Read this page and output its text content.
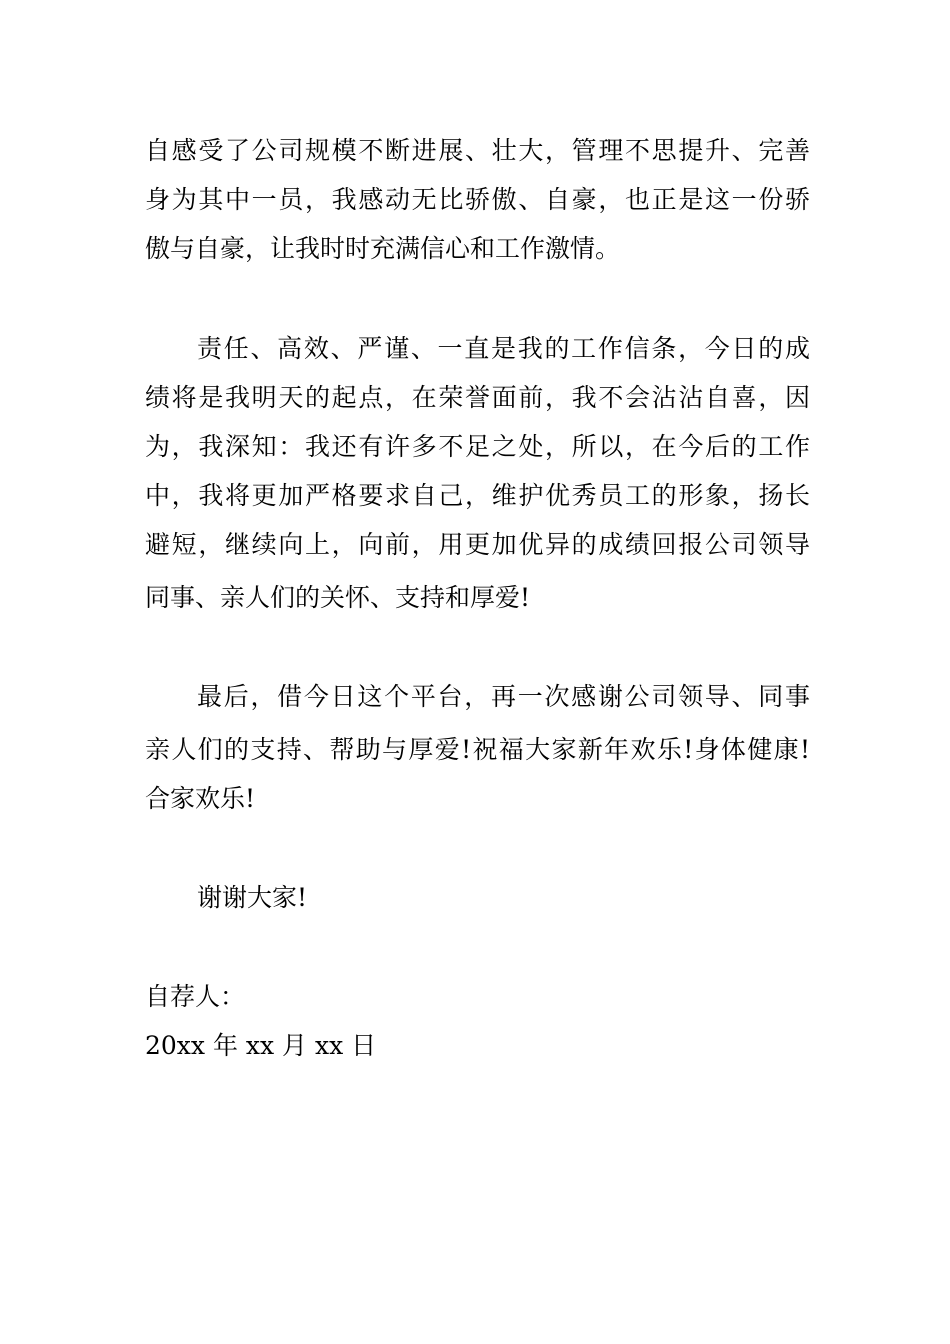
自感受了公司规模不断进展、壮大，管理不思提升、完善
身为其中一员，我感动无比骄傲、自豪，也正是这一份骄
傲与自豪，让我时时充满信心和工作激情。
责任、高效、严谨、一直是我的工作信条，今日的成
绩将是我明天的起点，在荣誉面前，我不会沾沾自喜，因
为，我深知：我还有许多不足之处，所以，在今后的工作
中，我将更加严格要求自己，维护优秀员工的形象，扬长
避短，继续向上，向前，用更加优异的成绩回报公司领导
同事、亲人们的关怀、支持和厚爱!
最后，借今日这个平台，再一次感谢公司领导、同事
亲人们的支持、帮助与厚爱!祝福大家新年欢乐!身体健康!
合家欢乐!
谢谢大家!
自荐人：
20xx 年 xx 月 xx 日
